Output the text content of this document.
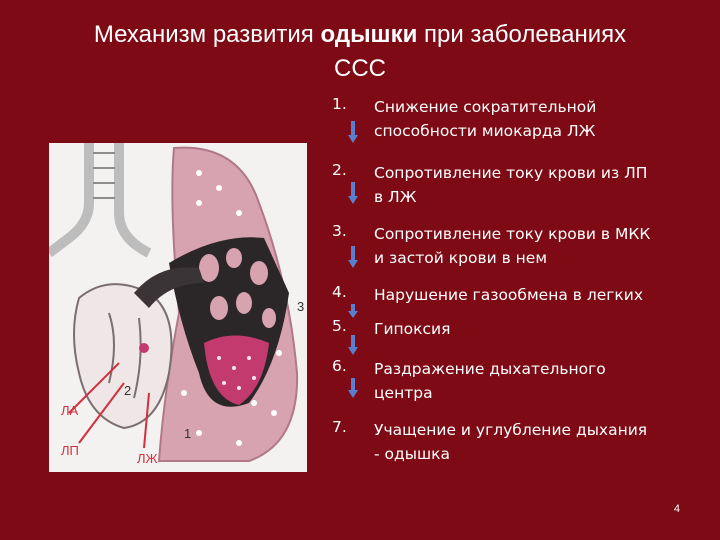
Механизм развития одышки при заболеваниях
ССС
ЛА
ЛП
ЛЖ
1
2
3
1. Снижение сократительной
способности миокарда ЛЖ
2. Сопротивление току крови из ЛП
в ЛЖ
3. Сопротивление току крови в МКК
и застой крови в нем
4. Нарушение газообмена в легких
5. Гипоксия
6. Раздражение дыхательного
центра
7. Учащение и углубление дыхания
- одышка
4
